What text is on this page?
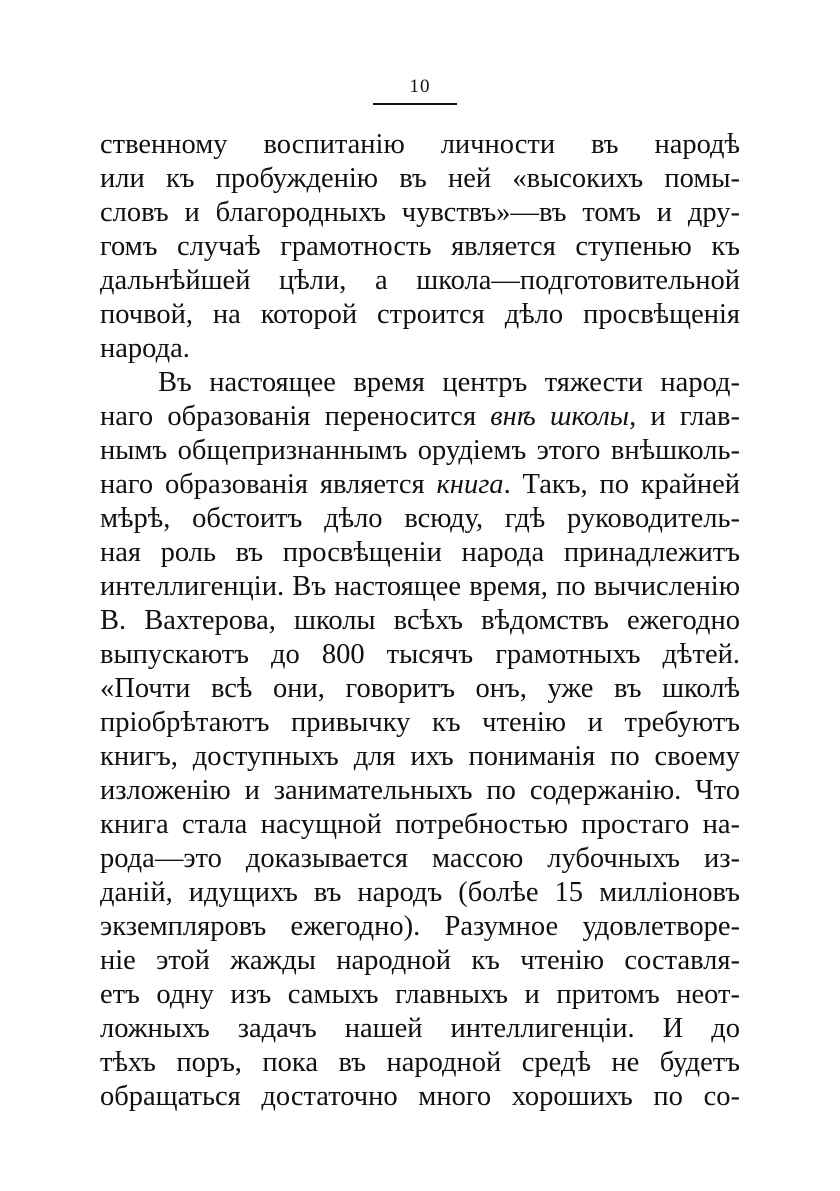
10
ственному воспитанію личности въ народѣ
или къ пробужденію въ ней «высокихъ помы-
словъ и благородныхъ чувствъ»—въ томъ и дру-
гомъ случаѣ грамотность является ступенью къ
дальнѣйшей цѣли, а школа—подготовительной
почвой, на которой строится дѣло просвѣщенія
народа.
Въ настоящее время центръ тяжести народ-
наго образованія переносится внѣ школы, и глав-
нымъ общепризнаннымъ орудіемъ этого внѣшколь-
наго образованія является книга. Такъ, по крайней
мѣрѣ, обстоитъ дѣло всюду, гдѣ руководитель-
ная роль въ просвѣщеніи народа принадлежитъ
интеллигенціи. Въ настоящее время, по вычисленію
В. Вахтерова, школы всѣхъ вѣдомствъ ежегодно
выпускаютъ до 800 тысячъ грамотныхъ дѣтей.
«Почти всѣ они, говоритъ онъ, уже въ школѣ
пріобрѣтаютъ привычку къ чтенію и требуютъ
книгъ, доступныхъ для ихъ пониманія по своему
изложенію и занимательныхъ по содержанію. Что
книга стала насущной потребностью простаго на-
рода—это доказывается массою лубочныхъ из-
даній, идущихъ въ народъ (болѣе 15 милліоновъ
экземпляровъ ежегодно). Разумное удовлетворе-
ніе этой жажды народной къ чтенію составля-
етъ одну изъ самыхъ главныхъ и притомъ неот-
ложныхъ задачъ нашей интеллигенціи. И до
тѣхъ поръ, пока въ народной средѣ не будетъ
обращаться достаточно много хорошихъ по со-
